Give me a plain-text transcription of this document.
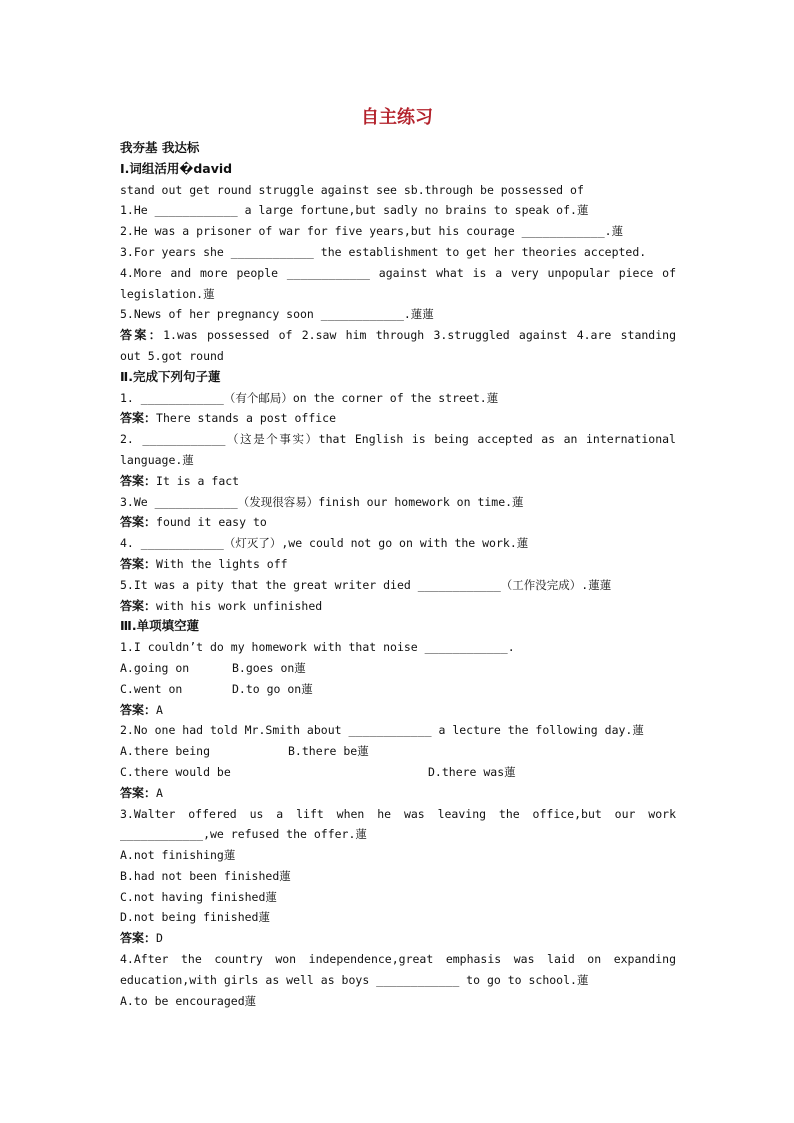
自主练习
我夯基 我达标
Ⅰ.词组活用�david
stand out get round struggle against see sb.through be possessed of
1.He ____________ a large fortune,but sadly no brains to speak of.蓮
2.He was a prisoner of war for five years,but his courage ____________.蓮
3.For years she ____________ the establishment to get her theories accepted.
4.More and more people ____________ against what is a very unpopular piece of
legislation.蓮
5.News of her pregnancy soon ____________.蓮蓮
答案：1.was possessed of 2.saw him through 3.struggled against 4.are standing
out 5.got round
Ⅱ.完成下列句子蓮
1. ____________（有个邮局）on the corner of the street.蓮
答案：There stands a post office
2. ____________（这是个事实）that English is being accepted as an international
language.蓮
答案：It is a fact
3.We ____________（发现很容易）finish our homework on time.蓮
答案：found it easy to
4. ____________（灯灭了）,we could not go on with the work.蓮
答案：With the lights off
5.It was a pity that the great writer died ____________（工作没完成）.蓮蓮
答案：with his work unfinished
Ⅲ.单项填空蓮
1.I couldn’t do my homework with that noise ____________.
A.going on	B.goes on蓮
C.went on	D.to go on蓮
答案：A
2.No one had told Mr.Smith about ____________ a lecture the following day.蓮
A.there being	B.there be蓮
C.there would be	D.there was蓮
答案：A
3.Walter offered us a lift when he was leaving the office,but our work
____________,we refused the offer.蓮
A.not finishing蓮
B.had not been finished蓮
C.not having finished蓮
D.not being finished蓮
答案：D
4.After the country won independence,great emphasis was laid on expanding
education,with girls as well as boys ____________ to go to school.蓮
A.to be encouraged蓮
